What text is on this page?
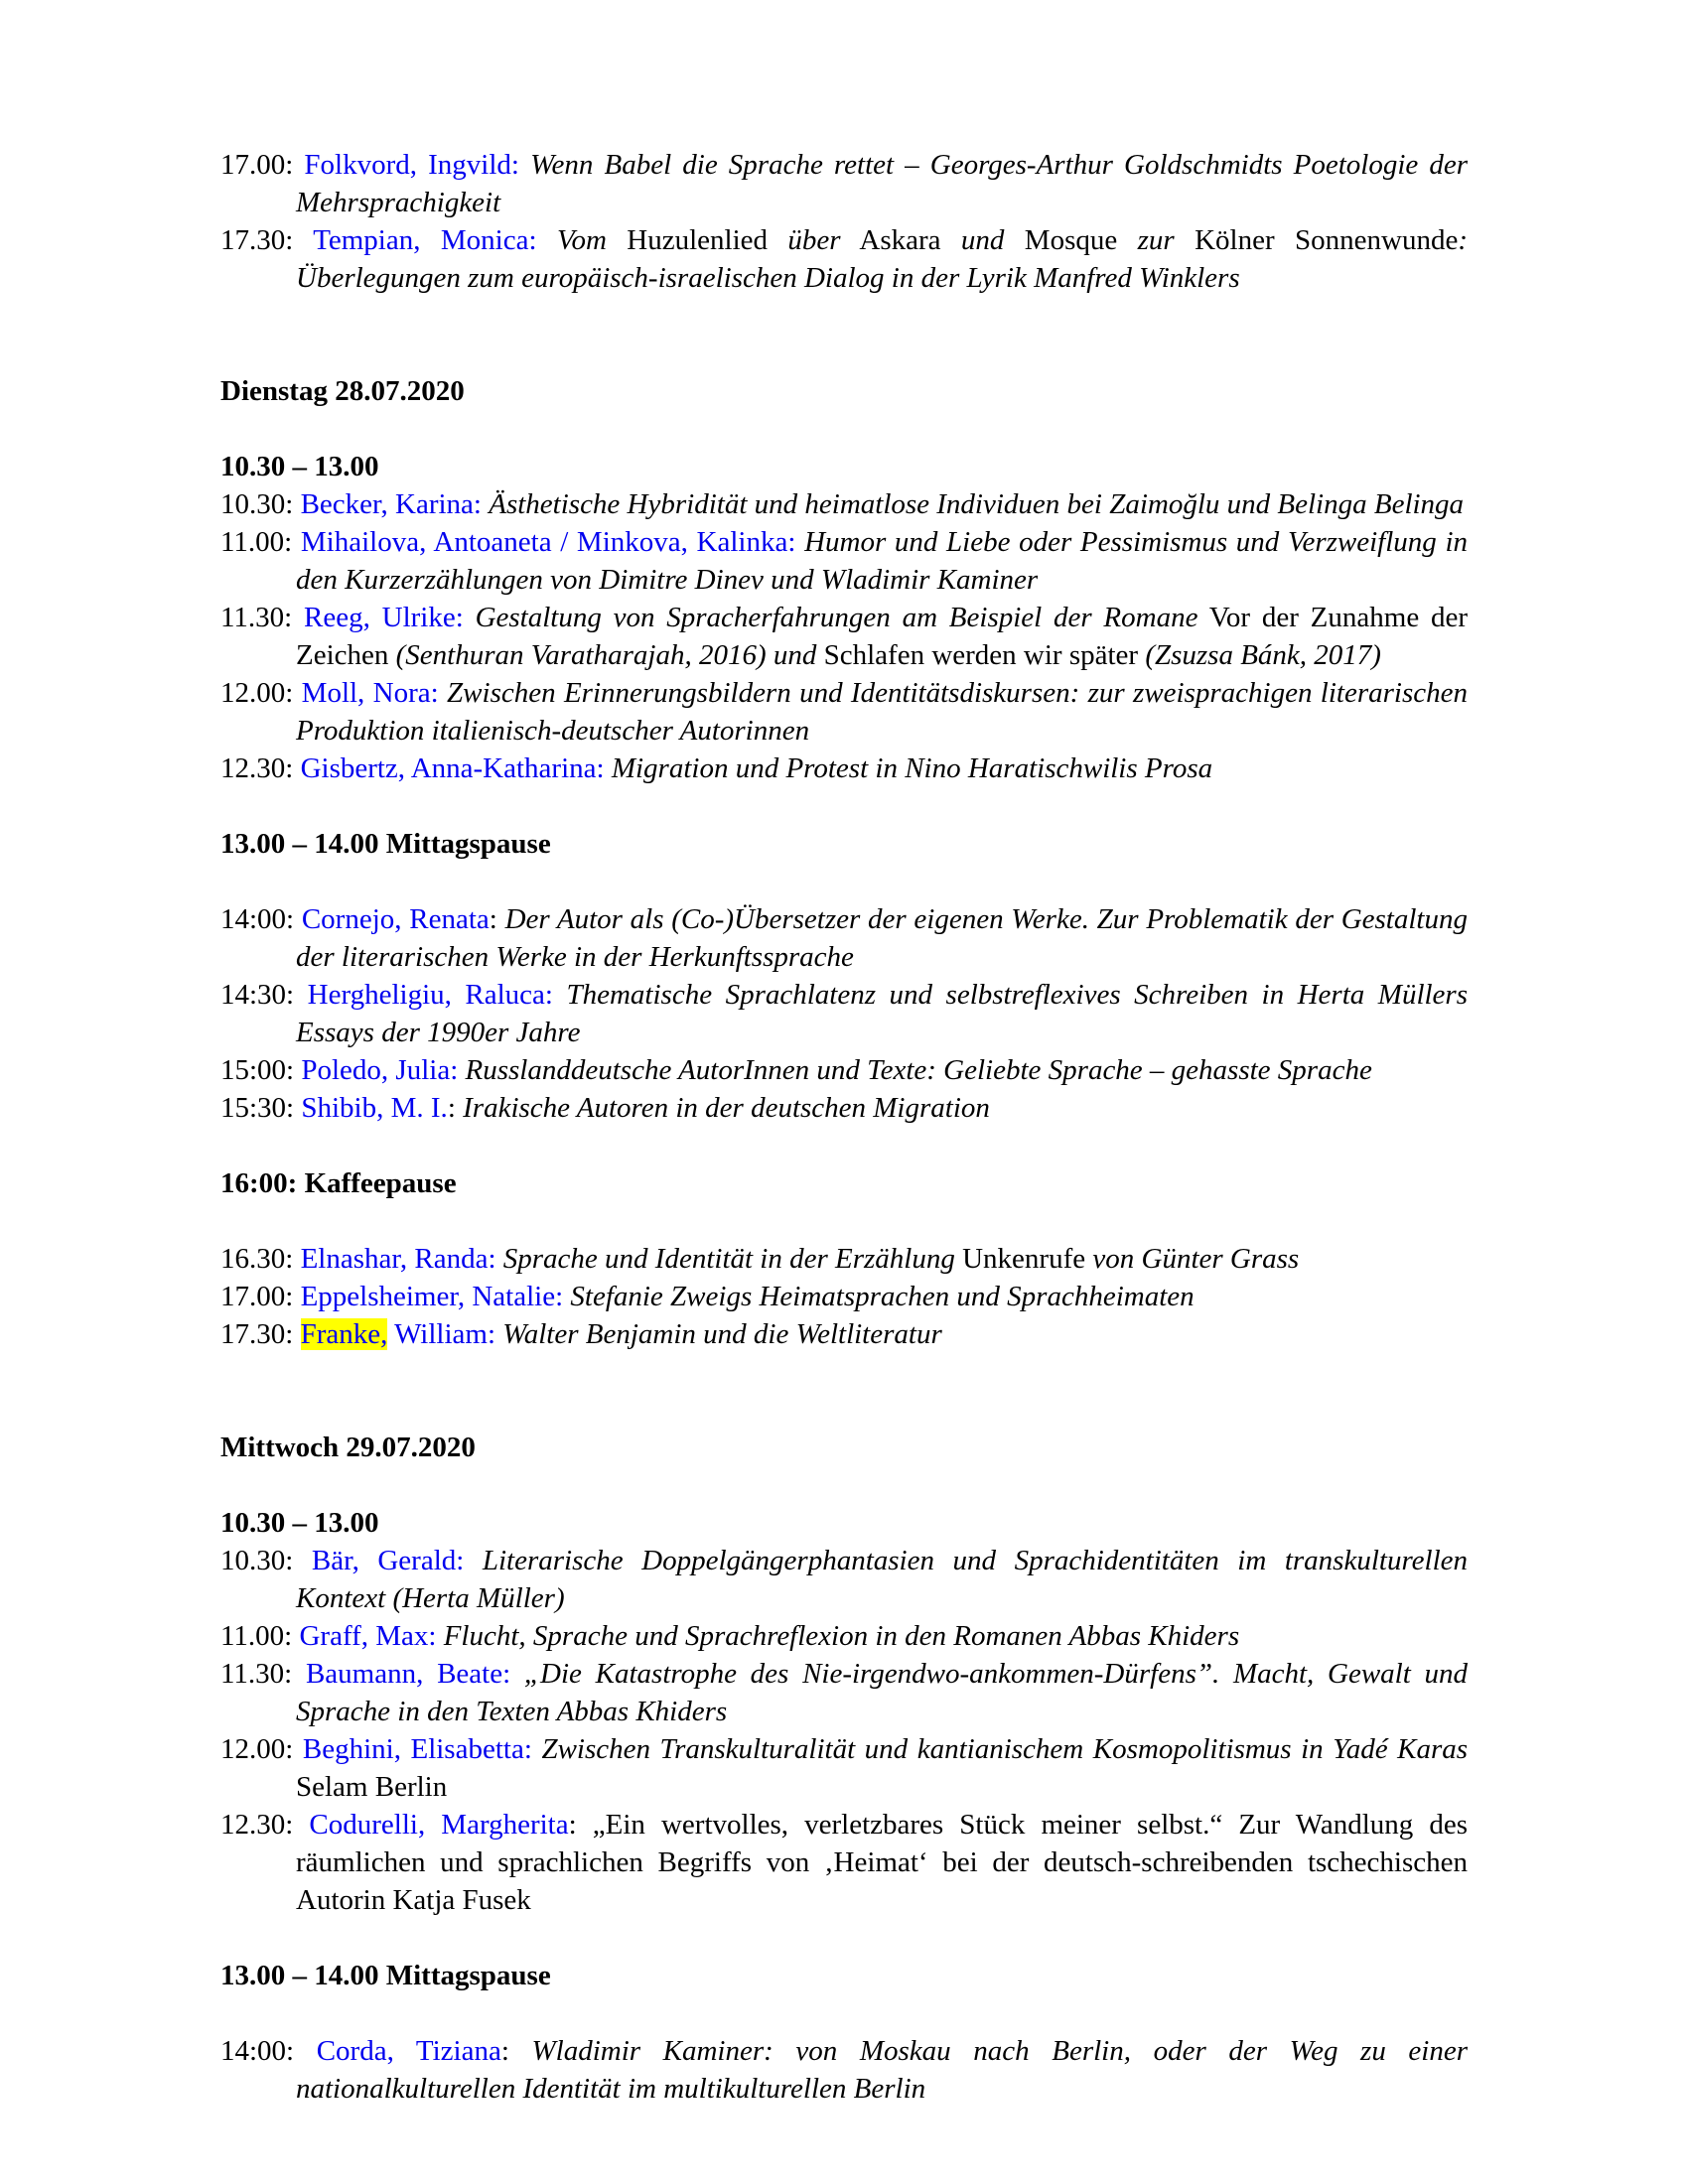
17.00: Folkvord, Ingvild: Wenn Babel die Sprache rettet – Georges-Arthur Goldschmidts Poetologie der Mehrsprachigkeit

17.30: Tempian, Monica: Vom Huzulenlied über Askara und Mosque zur Kölner Sonnenwunde: Überlegungen zum europäisch-israelischen Dialog in der Lyrik Manfred Winklers

Dienstag 28.07.2020

10.30 – 13.00

10.30: Becker, Karina: Ästhetische Hybridität und heimatlose Individuen bei Zaimoğlu und Belinga Belinga

11.00: Mihailova, Antoaneta / Minkova, Kalinka: Humor und Liebe oder Pessimismus und Verzweiflung in den Kurzerzählungen von Dimitre Dinev und Wladimir Kaminer

11.30: Reeg, Ulrike: Gestaltung von Spracherfahrungen am Beispiel der Romane Vor der Zunahme der Zeichen (Senthuran Varatharajah, 2016) und Schlafen werden wir später (Zsuzsa Bánk, 2017)

12.00: Moll, Nora: Zwischen Erinnerungsbildern und Identitätsdiskursen: zur zweisprachigen literarischen Produktion italienisch-deutscher Autorinnen

12.30: Gisbertz, Anna-Katharina: Migration und Protest in Nino Haratischwilis Prosa

13.00 – 14.00 Mittagspause

14:00: Cornejo, Renata: Der Autor als (Co-)Übersetzer der eigenen Werke. Zur Problematik der Gestaltung der literarischen Werke in der Herkunftssprache

14:30: Hergheligiu, Raluca: Thematische Sprachlatenz und selbstreflexives Schreiben in Herta Müllers Essays der 1990er Jahre

15:00: Poledo, Julia: Russlanddeutsche AutorInnen und Texte: Geliebte Sprache – gehasste Sprache

15:30: Shibib, M. I.: Irakische Autoren in der deutschen Migration

16:00: Kaffeepause

16.30: Elnashar, Randa: Sprache und Identität in der Erzählung Unkenrufe von Günter Grass

17.00: Eppelsheimer, Natalie: Stefanie Zweigs Heimatsprachen und Sprachheimaten

17.30: Franke, William: Walter Benjamin und die Weltliteratur

Mittwoch 29.07.2020

10.30 – 13.00

10.30: Bär, Gerald: Literarische Doppelgängerphantasien und Sprachidentitäten im transkulturellen Kontext (Herta Müller)

11.00: Graff, Max: Flucht, Sprache und Sprachreflexion in den Romanen Abbas Khiders

11.30: Baumann, Beate: „Die Katastrophe des Nie-irgendwo-ankommen-Dürfens”. Macht, Gewalt und Sprache in den Texten Abbas Khiders

12.00: Beghini, Elisabetta: Zwischen Transkulturalität und kantianischem Kosmopolitismus in Yadé Karas Selam Berlin

12.30: Codurelli, Margherita: „Ein wertvolles, verletzbares Stück meiner selbst.“ Zur Wandlung des räumlichen und sprachlichen Begriffs von ‚Heimat‘ bei der deutsch-schreibenden tschechischen Autorin Katja Fusek

13.00 – 14.00 Mittagspause

14:00: Corda, Tiziana: Wladimir Kaminer: von Moskau nach Berlin, oder der Weg zu einer nationalkulturellen Identität im multikulturellen Berlin
